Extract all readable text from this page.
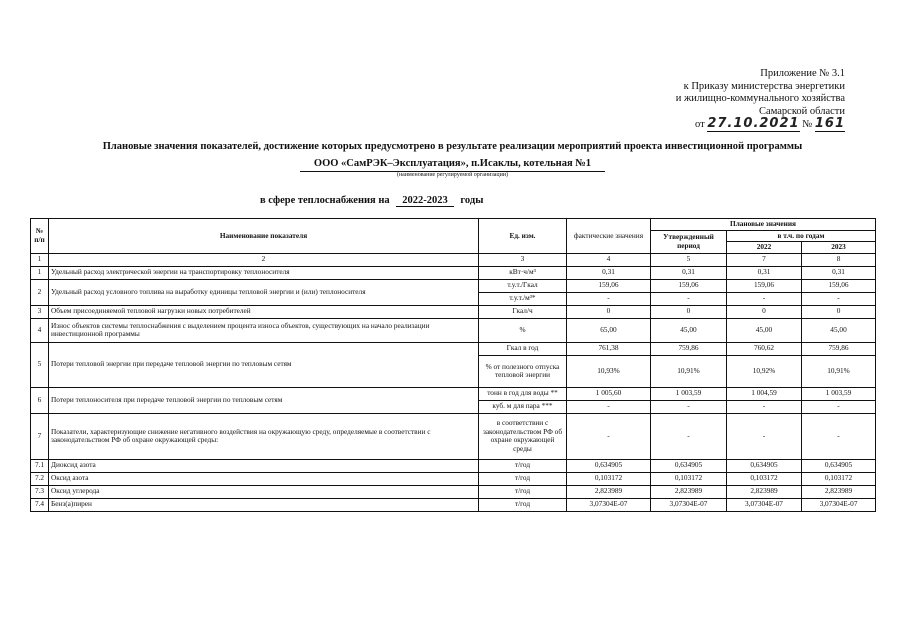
Приложение № 3.1
к Приказу министерства энергетики
и жилищно-коммунального хозяйства
Самарской области
от 27.10.2021 № 161
Плановые значения показателей, достижение которых предусмотрено в результате реализации мероприятий проекта инвестиционной программы
ООО «СамРЭК–Эксплуатация», п.Исаклы, котельная №1
(наименование регулируемой организации)
в сфере теплоснабжения на 2022-2023 годы
№ п/п	Наименование показателя	Ед. изм.	фактические значения	Плановые значения		
				Утвержденный период	в т.ч. по годам	
					2022	2023
1	2	3	4	5	7	8
1	Удельный расход электрической энергии на транспортировку теплоносителя	кВт·ч/м³	0,31	0,31	0,31	0,31
2	Удельный расход условного топлива на выработку единицы тепловой энергии и (или) теплоносителя	т.у.т./Гкал	159,06	159,06	159,06	159,06
		т.у.т./м³*	-	-	-	-
3	Объем присоединяемой тепловой нагрузки новых потребителей	Гкал/ч	0	0	0	0
4	Износ объектов системы теплоснабжения с выделением процента износа объектов, существующих на начало реализации инвестиционной программы	%	65,00	45,00	45,00	45,00
5	Потери тепловой энергии при передаче тепловой энергии по тепловым сетям	Гкал в год	761,38	759,86	760,62	759,86
		% от полезного отпуска тепловой энергии	10,93%	10,91%	10,92%	10,91%
6	Потери теплоносителя при передаче тепловой энергии по тепловым сетям	тонн в год для воды **	1 005,60	1 003,59	1 004,59	1 003,59
		куб. м для пара ***	-	-	-	-
7	Показатели, характеризующие снижение негативного воздействия на окружающую среду, определяемые в соответствии с законодательством РФ об охране окружающей среды:	в соответствии с законодательством РФ об охране окружающей среды	-	-	-	-
7.1	Диоксид азота	т/год	0,634905	0,634905	0,634905	0,634905
7.2	Оксид азота	т/год	0,103172	0,103172	0,103172	0,103172
7.3	Оксид углерода	т/год	2,823989	2,823989	2,823989	2,823989
7.4	Бенз(а)пирен	т/год	3,07304E-07	3,07304E-07	3,07304E-07	3,07304E-07
